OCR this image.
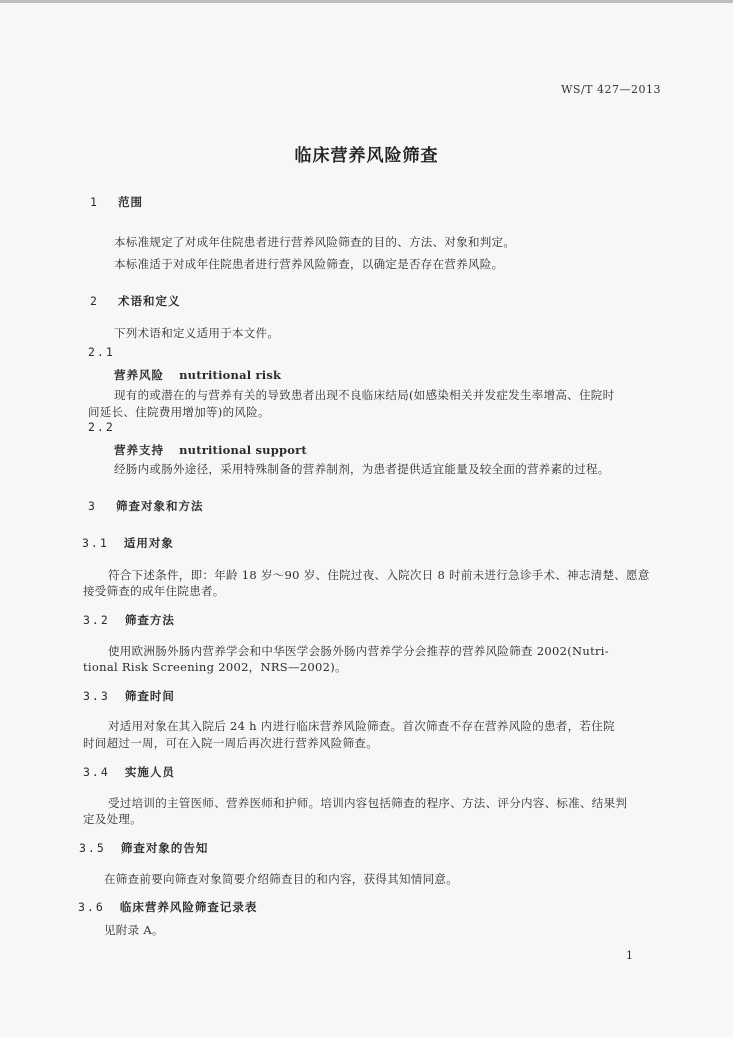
WS/T 427—2013
临床营养风险筛查
1 范围
本标准规定了对成年住院患者进行营养风险筛查的目的、方法、对象和判定。
本标准适于对成年住院患者进行营养风险筛查，以确定是否存在营养风险。
2 术语和定义
下列术语和定义适用于本文件。
2.1
营养风险 nutritional risk
现有的或潜在的与营养有关的导致患者出现不良临床结局(如感染相关并发症发生率增高、住院时
间延长、住院费用增加等)的风险。
2.2
营养支持 nutritional support
经肠内或肠外途径，采用特殊制备的营养制剂，为患者提供适宜能量及较全面的营养素的过程。
3 筛查对象和方法
3.1 适用对象
符合下述条件，即：年龄 18 岁～90 岁、住院过夜、入院次日 8 时前未进行急诊手术、神志清楚、愿意
接受筛查的成年住院患者。
3.2 筛查方法
使用欧洲肠外肠内营养学会和中华医学会肠外肠内营养学分会推荐的营养风险筛查 2002(Nutri-
tional Risk Screening 2002，NRS—2002)。
3.3 筛查时间
对适用对象在其入院后 24 h 内进行临床营养风险筛查。首次筛查不存在营养风险的患者，若住院
时间超过一周，可在入院一周后再次进行营养风险筛查。
3.4 实施人员
受过培训的主管医师、营养医师和护师。培训内容包括筛查的程序、方法、评分内容、标准、结果判
定及处理。
3.5 筛查对象的告知
在筛查前要向筛查对象简要介绍筛查目的和内容，获得其知情同意。
3.6 临床营养风险筛查记录表
见附录 A。
1
